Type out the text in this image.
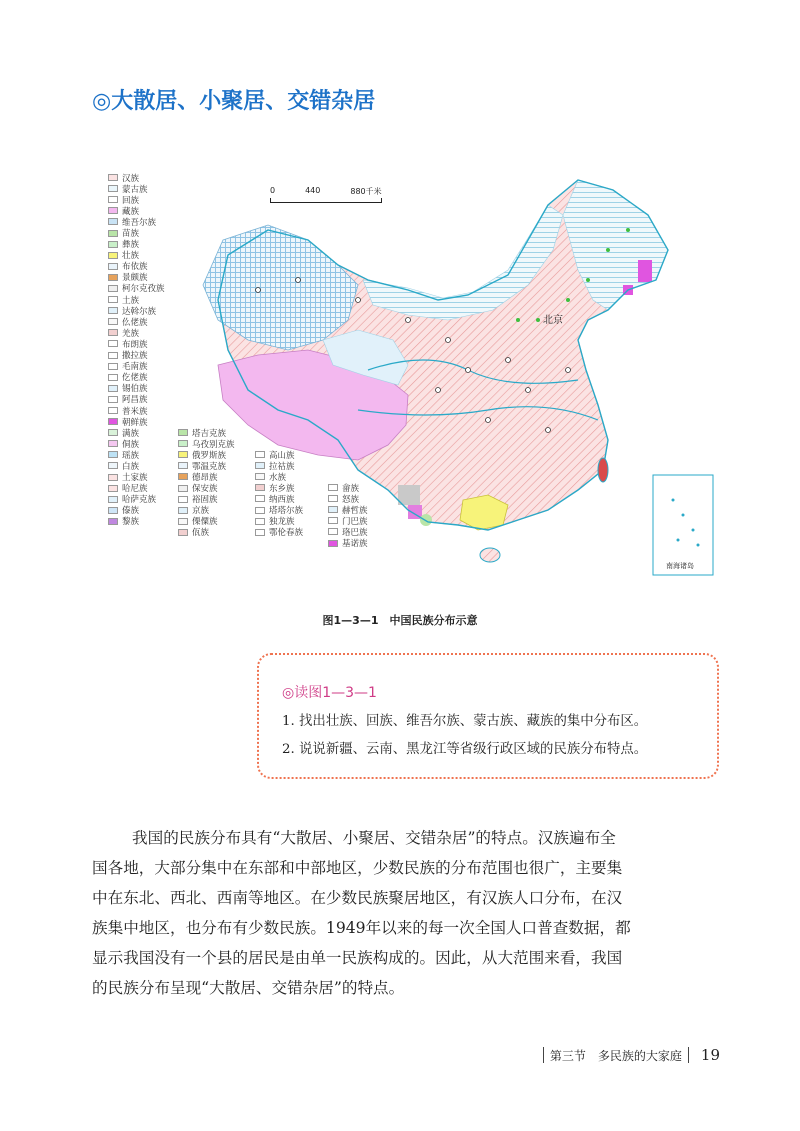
◎大散居、小聚居、交错杂居
北京
南海诸岛
汉族
蒙古族
回族
藏族
维吾尔族
苗族
彝族
壮族
布依族
景颇族
柯尔克孜族
土族
达斡尔族
仫佬族
羌族
布朗族
撒拉族
毛南族
仡佬族
锡伯族
阿昌族
普米族
朝鲜族
满族
侗族
瑶族
白族
土家族
哈尼族
哈萨克族
傣族
黎族
塔吉克族
乌孜别克族
俄罗斯族
鄂温克族
德昂族
保安族
裕固族
京族
傈僳族
佤族
高山族
拉祜族
水族
东乡族
纳西族
塔塔尔族
独龙族
鄂伦春族
畲族
怒族
赫哲族
门巴族
珞巴族
基诺族
0	440	880千米
图1—3—1　中国民族分布示意
◎读图1—3—1
1. 找出壮族、回族、维吾尔族、蒙古族、藏族的集中分布区。
2. 说说新疆、云南、黑龙江等省级行政区域的民族分布特点。
我国的民族分布具有“大散居、小聚居、交错杂居”的特点。汉族遍布全
国各地，大部分集中在东部和中部地区，少数民族的分布范围也很广，主要集
中在东北、西北、西南等地区。在少数民族聚居地区，有汉族人口分布，在汉
族集中地区，也分布有少数民族。1949年以来的每一次全国人口普查数据，都
显示我国没有一个县的居民是由单一民族构成的。因此，从大范围来看，我国
的民族分布呈现“大散居、交错杂居”的特点。
第三节　多民族的大家庭 19
